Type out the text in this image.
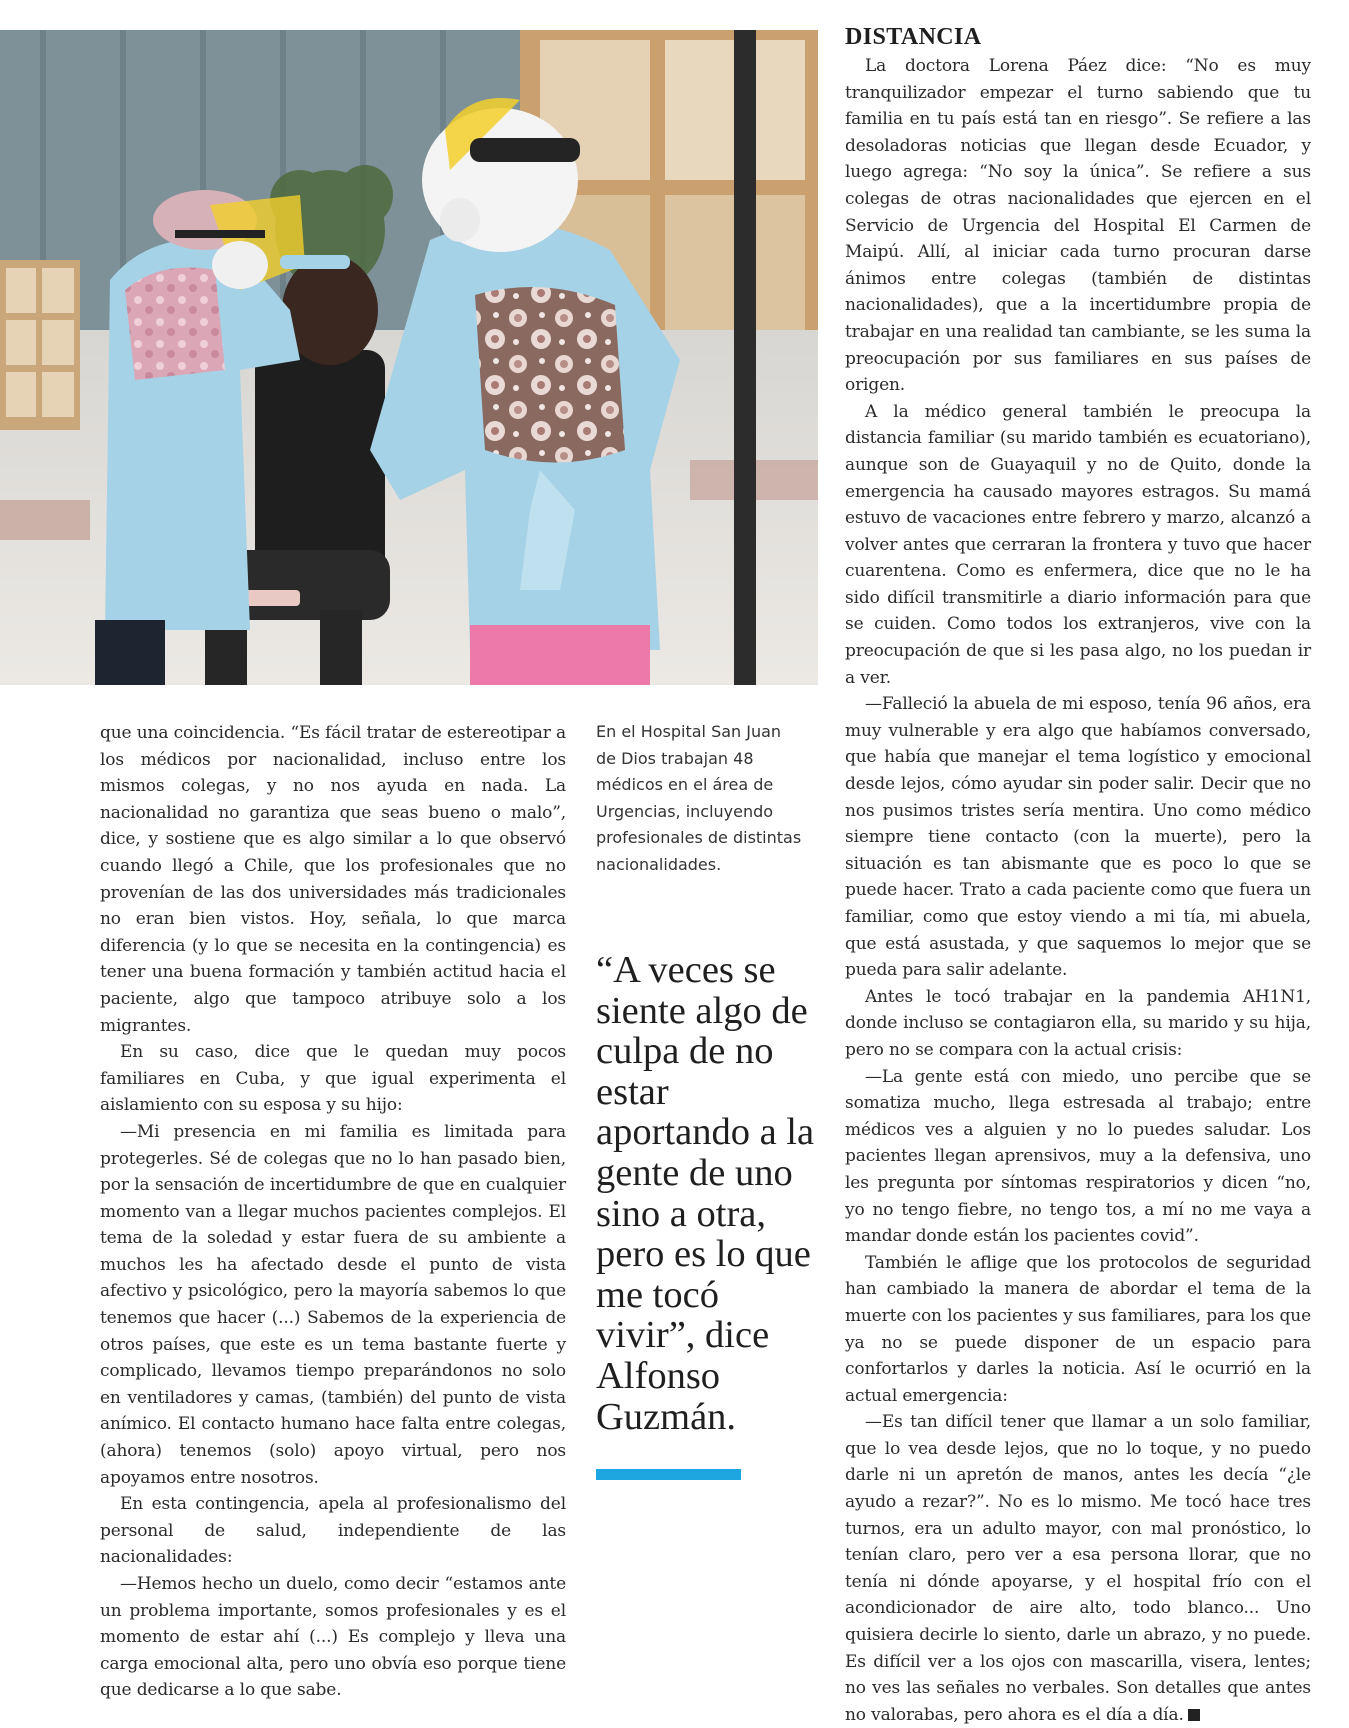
DISTANCIA

La doctora Lorena Páez dice: “No es muy tranquilizador empezar el turno sabiendo que tu familia en tu país está tan en riesgo”. Se refiere a las desoladoras noticias que llegan desde Ecuador, y luego agrega: “No soy la única”. Se refiere a sus colegas de otras nacionalidades que ejercen en el Servicio de Urgencia del Hospital El Carmen de Maipú. Allí, al iniciar cada turno procuran darse ánimos entre colegas (también de distintas nacionalidades), que a la incertidumbre propia de trabajar en una realidad tan cambiante, se les suma la preocupación por sus familiares en sus países de origen.

A la médico general también le preocupa la distancia familiar (su marido también es ecuatoriano), aunque son de Guayaquil y no de Quito, donde la emergencia ha causado mayores estragos. Su mamá estuvo de vacaciones entre febrero y marzo, alcanzó a volver antes que cerraran la frontera y tuvo que hacer cuarentena. Como es enfermera, dice que no le ha sido difícil transmitirle a diario información para que se cuiden. Como todos los extranjeros, vive con la preocupación de que si les pasa algo, no los puedan ir a ver.

—Falleció la abuela de mi esposo, tenía 96 años, era muy vulnerable y era algo que habíamos conversado, que había que manejar el tema logístico y emocional desde lejos, cómo ayudar sin poder salir. Decir que no nos pusimos tristes sería mentira. Uno como médico siempre tiene contacto (con la muerte), pero la situación es tan abismante que es poco lo que se puede hacer. Trato a cada paciente como que fuera un familiar, como que estoy viendo a mi tía, mi abuela, que está asustada, y que saquemos lo mejor que se pueda para salir adelante.

Antes le tocó trabajar en la pandemia AH1N1, donde incluso se contagiaron ella, su marido y su hija, pero no se compara con la actual crisis:

—La gente está con miedo, uno percibe que se somatiza mucho, llega estresada al trabajo; entre médicos ves a alguien y no lo puedes saludar. Los pacientes llegan aprensivos, muy a la defensiva, uno les pregunta por síntomas respiratorios y dicen “no, yo no tengo fiebre, no tengo tos, a mí no me vaya a mandar donde están los pacientes covid”.

También le aflige que los protocolos de seguridad han cambiado la manera de abordar el tema de la muerte con los pacientes y sus familiares, para los que ya no se puede disponer de un espacio para confortarlos y darles la noticia. Así le ocurrió en la actual emergencia:

—Es tan difícil tener que llamar a un solo familiar, que lo vea desde lejos, que no lo toque, y no puedo darle ni un apretón de manos, antes les decía “¿le ayudo a rezar?”. No es lo mismo. Me tocó hace tres turnos, era un adulto mayor, con mal pronóstico, lo tenían claro, pero ver a esa persona llorar, que no tenía ni dónde apoyarse, y el hospital frío con el acondicionador de aire alto, todo blanco... Uno quisiera decirle lo siento, darle un abrazo, y no puede. Es difícil ver a los ojos con mascarilla, visera, lentes; no ves las señales no verbales. Son detalles que antes no valorabas, pero ahora es el día a día.

que una coincidencia. “Es fácil tratar de estereotipar a los médicos por nacionalidad, incluso entre los mismos colegas, y no nos ayuda en nada. La nacionalidad no garantiza que seas bueno o malo”, dice, y sostiene que es algo similar a lo que observó cuando llegó a Chile, que los profesionales que no provenían de las dos universidades más tradicionales no eran bien vistos. Hoy, señala, lo que marca diferencia (y lo que se necesita en la contingencia) es tener una buena formación y también actitud hacia el paciente, algo que tampoco atribuye solo a los migrantes.

En su caso, dice que le quedan muy pocos familiares en Cuba, y que igual experimenta el aislamiento con su esposa y su hijo:

—Mi presencia en mi familia es limitada para protegerles. Sé de colegas que no lo han pasado bien, por la sensación de incertidumbre de que en cualquier momento van a llegar muchos pacientes complejos. El tema de la soledad y estar fuera de su ambiente a muchos les ha afectado desde el punto de vista afectivo y psicológico, pero la mayoría sabemos lo que tenemos que hacer (...) Sabemos de la experiencia de otros países, que este es un tema bastante fuerte y complicado, llevamos tiempo preparándonos no solo en ventiladores y camas, (también) del punto de vista anímico. El contacto humano hace falta entre colegas, (ahora) tenemos (solo) apoyo virtual, pero nos apoyamos entre nosotros.

En esta contingencia, apela al profesionalismo del personal de salud, independiente de las nacionalidades:

—Hemos hecho un duelo, como decir “estamos ante un problema importante, somos profesionales y es el momento de estar ahí (...) Es complejo y lleva una carga emocional alta, pero uno obvía eso porque tiene que dedicarse a lo que sabe.

En el Hospital San Juan de Dios trabajan 48 médicos en el área de Urgencias, incluyendo profesionales de distintas nacionalidades.
“A veces se siente algo de culpa de no estar aportando a la gente de uno sino a otra, pero es lo que me tocó vivir”, dice Alfonso Guzmán.
